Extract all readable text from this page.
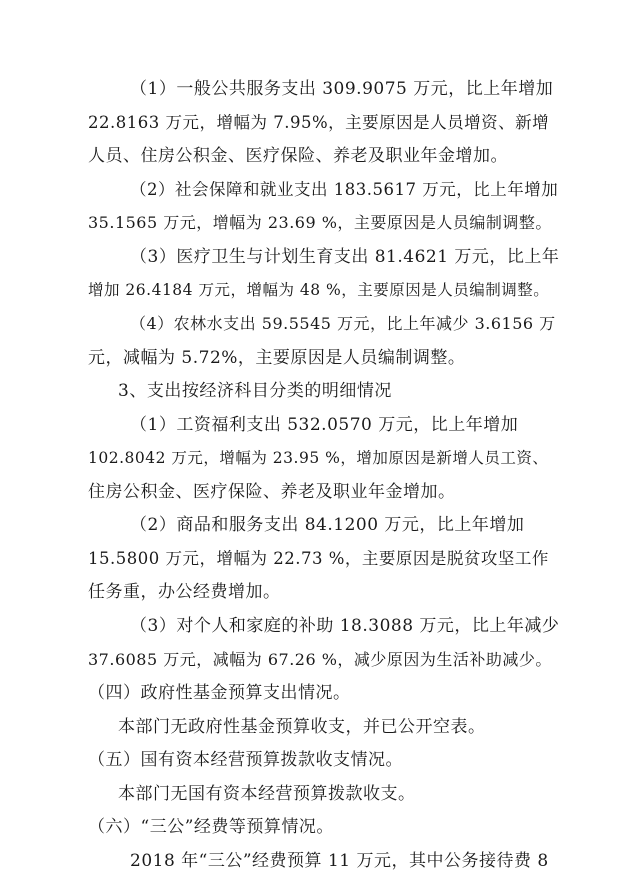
（1）一般公共服务支出 309.9075 万元，比上年增加
22.8163 万元，增幅为 7.95%，主要原因是人员增资、新增
人员、住房公积金、医疗保险、养老及职业年金增加。
（2）社会保障和就业支出 183.5617 万元，比上年增加
35.1565 万元，增幅为 23.69 %，主要原因是人员编制调整。
（3）医疗卫生与计划生育支出 81.4621 万元，比上年
增加 26.4184 万元，增幅为 48 %，主要原因是人员编制调整。
（4）农林水支出 59.5545 万元，比上年减少 3.6156 万
元，减幅为 5.72%，主要原因是人员编制调整。
3、支出按经济科目分类的明细情况
（1）工资福利支出 532.0570 万元，比上年增加
102.8042 万元，增幅为 23.95 %，增加原因是新增人员工资、
住房公积金、医疗保险、养老及职业年金增加。
（2）商品和服务支出 84.1200 万元，比上年增加
15.5800 万元，增幅为 22.73 %，主要原因是脱贫攻坚工作
任务重，办公经费增加。
（3）对个人和家庭的补助 18.3088 万元，比上年减少
37.6085 万元，减幅为 67.26 %，减少原因为生活补助减少。
（四）政府性基金预算支出情况。
本部门无政府性基金预算收支，并已公开空表。
（五）国有资本经营预算拨款收支情况。
本部门无国有资本经营预算拨款收支。
（六）“三公”经费等预算情况。
2018 年“三公”经费预算 11 万元，其中公务接待费 8
